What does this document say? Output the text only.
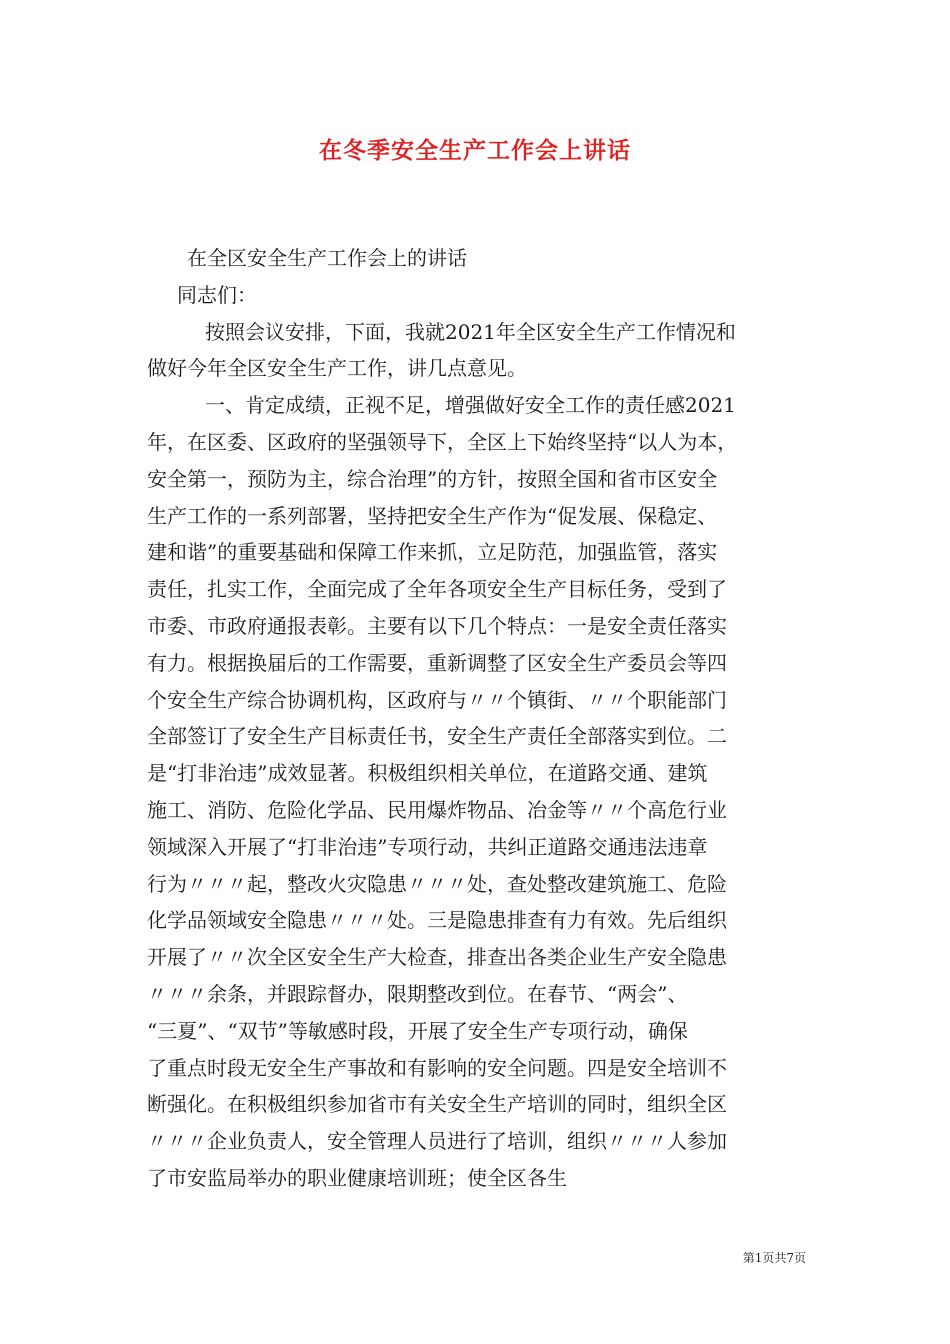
在冬季安全生产工作会上讲话
在全区安全生产工作会上的讲话
同志们：
按照会议安排，下面，我就2021年全区安全生产工作情况和
做好今年全区安全生产工作，讲几点意见。
一、肯定成绩，正视不足，增强做好安全工作的责任感2021
年，在区委、区政府的坚强领导下，全区上下始终坚持“以人为本，
安全第一，预防为主，综合治理”的方针，按照全国和省市区安全
生产工作的一系列部署，坚持把安全生产作为“促发展、保稳定、
建和谐”的重要基础和保障工作来抓，立足防范，加强监管，落实
责任，扎实工作，全面完成了全年各项安全生产目标任务，受到了
市委、市政府通报表彰。主要有以下几个特点：一是安全责任落实
有力。根据换届后的工作需要，重新调整了区安全生产委员会等四
个安全生产综合协调机构，区政府与〃〃个镇街、〃〃个职能部门
全部签订了安全生产目标责任书，安全生产责任全部落实到位。二
是“打非治违”成效显著。积极组织相关单位，在道路交通、建筑
施工、消防、危险化学品、民用爆炸物品、冶金等〃〃个高危行业
领域深入开展了“打非治违”专项行动，共纠正道路交通违法违章
行为〃〃〃起，整改火灾隐患〃〃〃处，查处整改建筑施工、危险
化学品领域安全隐患〃〃〃处。三是隐患排查有力有效。先后组织
开展了〃〃次全区安全生产大检查，排查出各类企业生产安全隐患
〃〃〃余条，并跟踪督办，限期整改到位。在春节、“两会”、
“三夏”、“双节”等敏感时段，开展了安全生产专项行动，确保
了重点时段无安全生产事故和有影响的安全问题。四是安全培训不
断强化。在积极组织参加省市有关安全生产培训的同时，组织全区
〃〃〃企业负责人，安全管理人员进行了培训，组织〃〃〃人参加
了市安监局举办的职业健康培训班；使全区各生
第1页共7页
